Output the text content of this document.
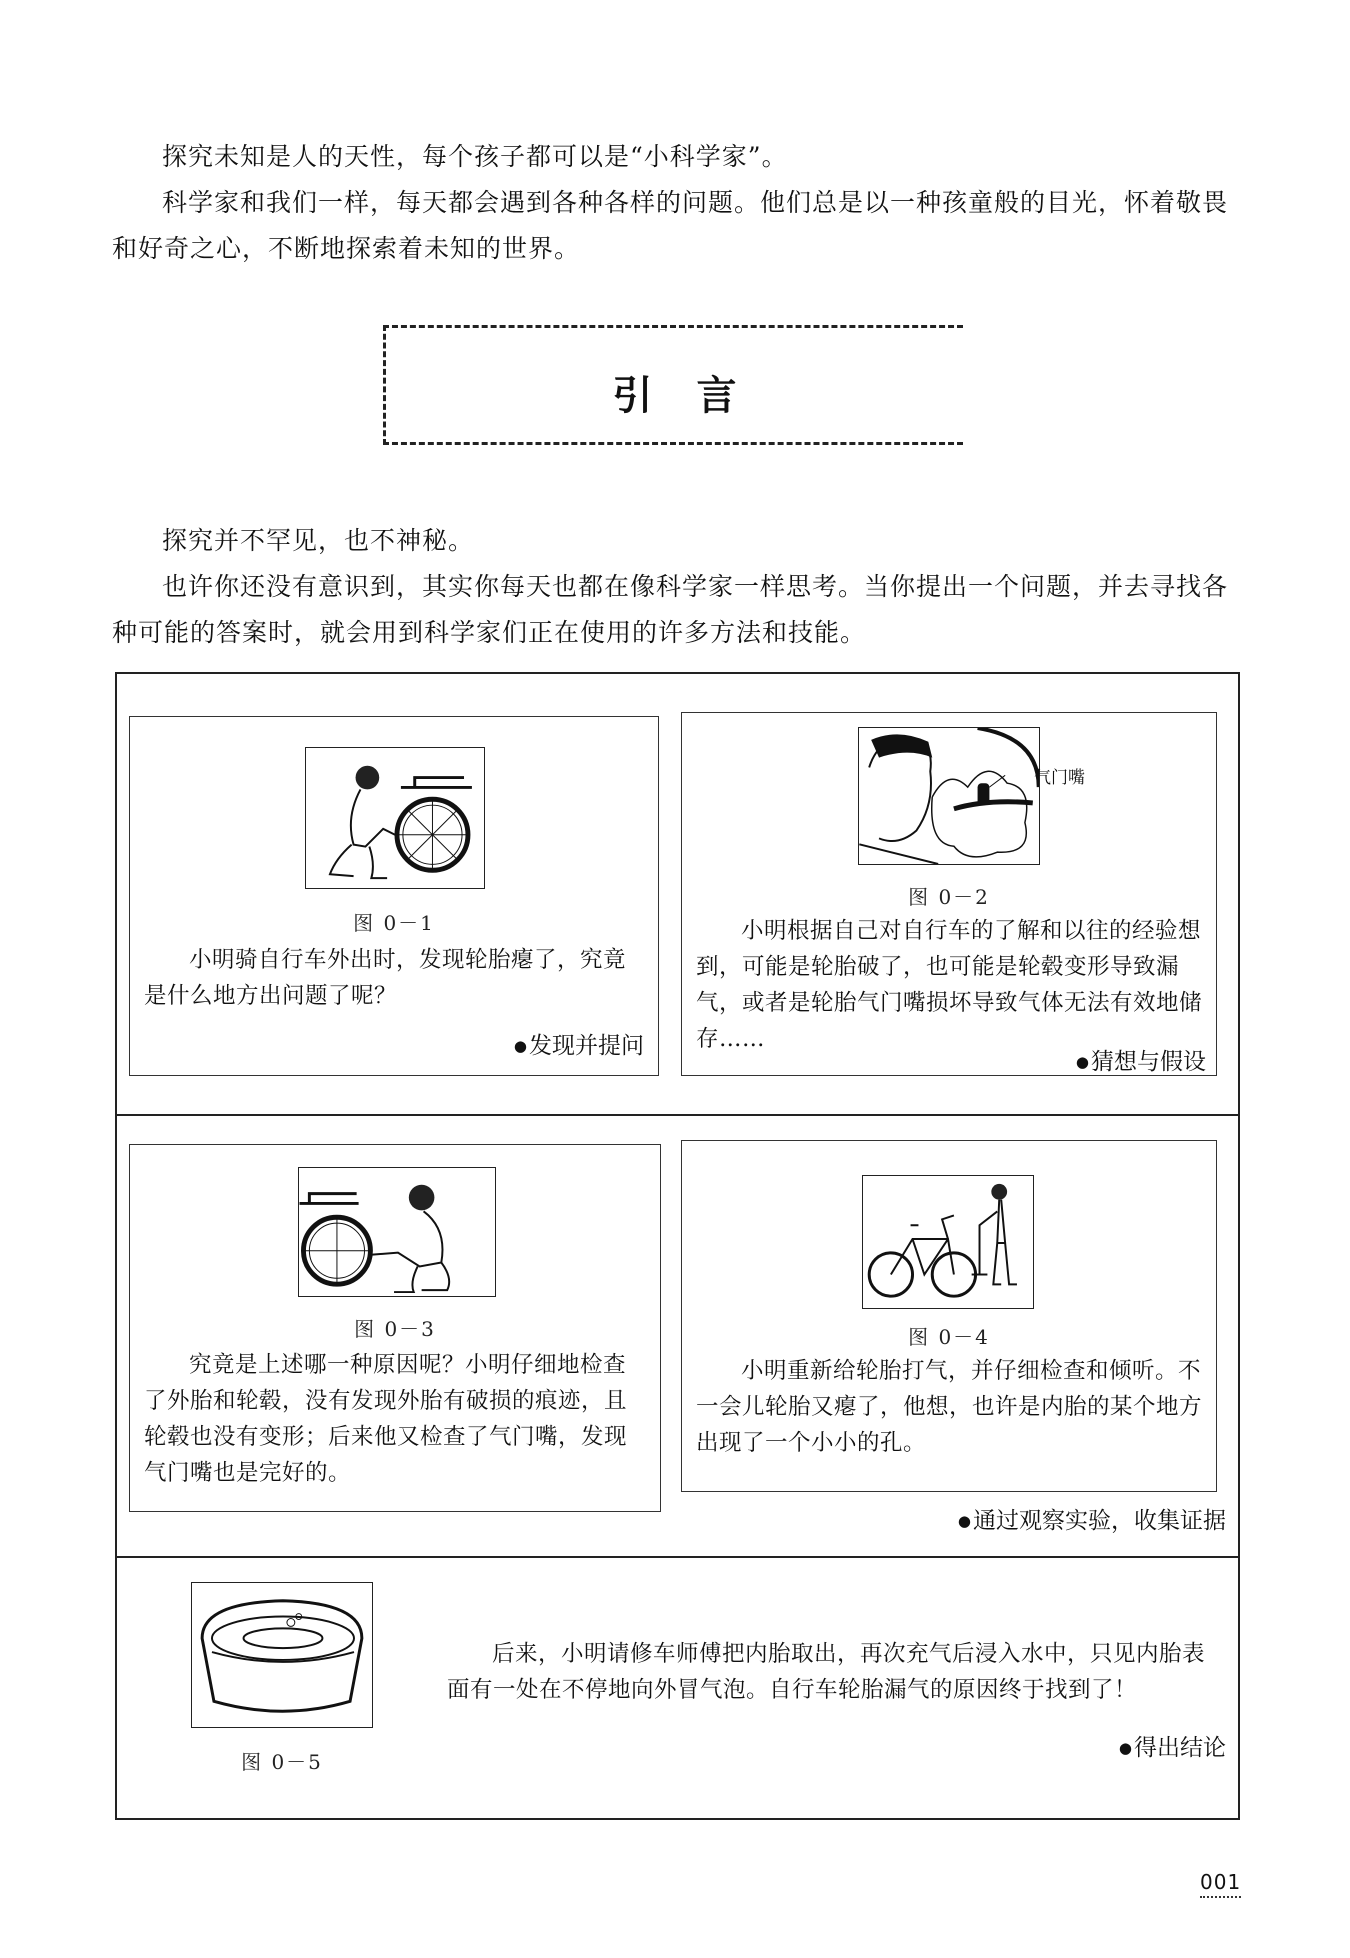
探究未知是人的天性，每个孩子都可以是“小科学家”。

科学家和我们一样，每天都会遇到各种各样的问题。他们总是以一种孩童般的目光，怀着敬畏和好奇之心，不断地探索着未知的世界。

引言

探究并不罕见，也不神秘。

也许你还没有意识到，其实你每天也都在像科学家一样思考。当你提出一个问题，并去寻找各种可能的答案时，就会用到科学家们正在使用的许多方法和技能。

图 0－1

小明骑自行车外出时，发现轮胎瘪了，究竟是什么地方出问题了呢？

● 发现并提问
气门嘴
图 0－2

小明根据自己对自行车的了解和以往的经验想到，可能是轮胎破了，也可能是轮毂变形导致漏气，或者是轮胎气门嘴损坏导致气体无法有效地储存……

● 猜想与假设
图 0－3

究竟是上述哪一种原因呢？小明仔细地检查了外胎和轮毂，没有发现外胎有破损的痕迹，且轮毂也没有变形；后来他又检查了气门嘴，发现气门嘴也是完好的。

图 0－4

小明重新给轮胎打气，并仔细检查和倾听。不一会儿轮胎又瘪了，他想，也许是内胎的某个地方出现了一个小小的孔。

● 通过观察实验，收集证据
图 0－5

后来，小明请修车师傅把内胎取出，再次充气后浸入水中，只见内胎表面有一处在不停地向外冒气泡。自行车轮胎漏气的原因终于找到了！

● 得出结论
001
